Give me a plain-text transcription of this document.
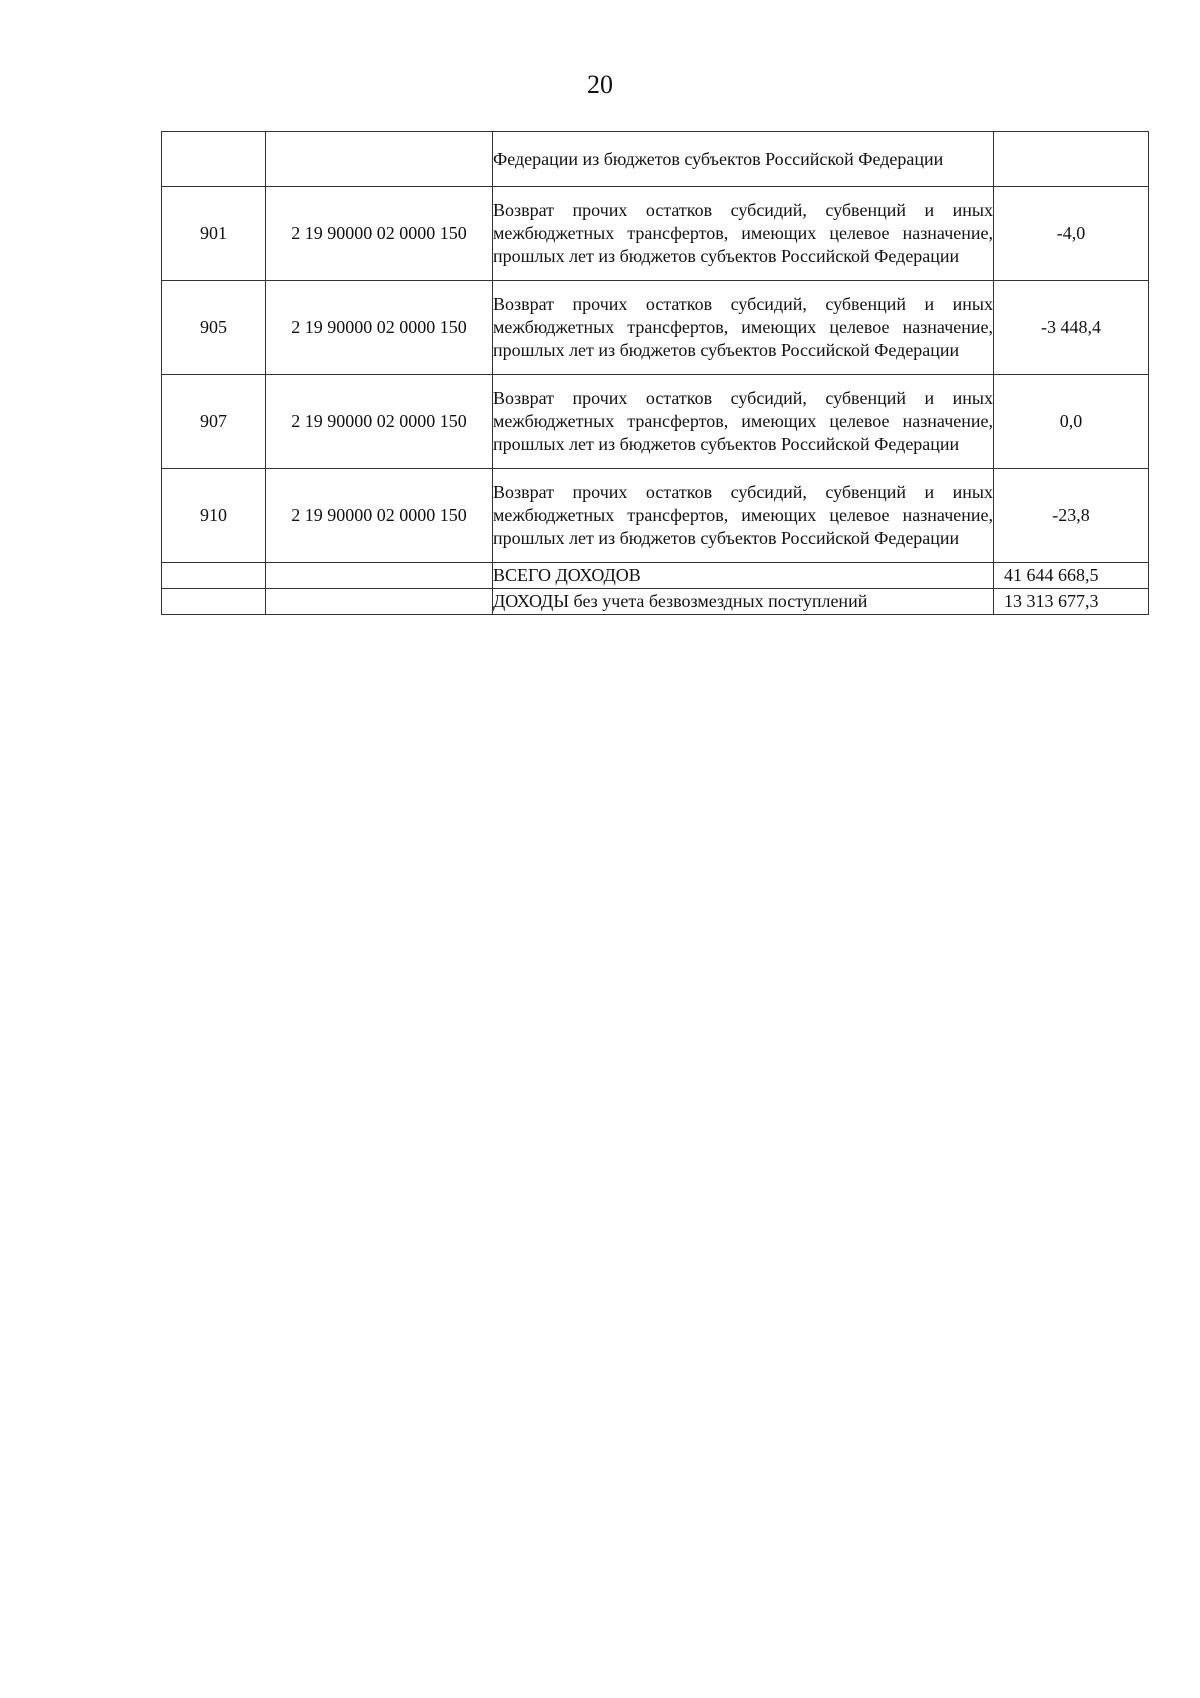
20
		Федерации из бюджетов субъектов Российской Федерации	
901	2 19 90000 02 0000 150	Возврат прочих остатков субсидий, субвенций и иных межбюджетных трансфертов, имеющих целевое назначение, прошлых лет из бюджетов субъектов Российской Федерации	-4,0
905	2 19 90000 02 0000 150	Возврат прочих остатков субсидий, субвенций и иных межбюджетных трансфертов, имеющих целевое назначение, прошлых лет из бюджетов субъектов Российской Федерации	-3 448,4
907	2 19 90000 02 0000 150	Возврат прочих остатков субсидий, субвенций и иных межбюджетных трансфертов, имеющих целевое назначение, прошлых лет из бюджетов субъектов Российской Федерации	0,0
910	2 19 90000 02 0000 150	Возврат прочих остатков субсидий, субвенций и иных межбюджетных трансфертов, имеющих целевое назначение, прошлых лет из бюджетов субъектов Российской Федерации	-23,8
		ВСЕГО ДОХОДОВ	41 644 668,5
		ДОХОДЫ без учета безвозмездных поступлений	13 313 677,3
